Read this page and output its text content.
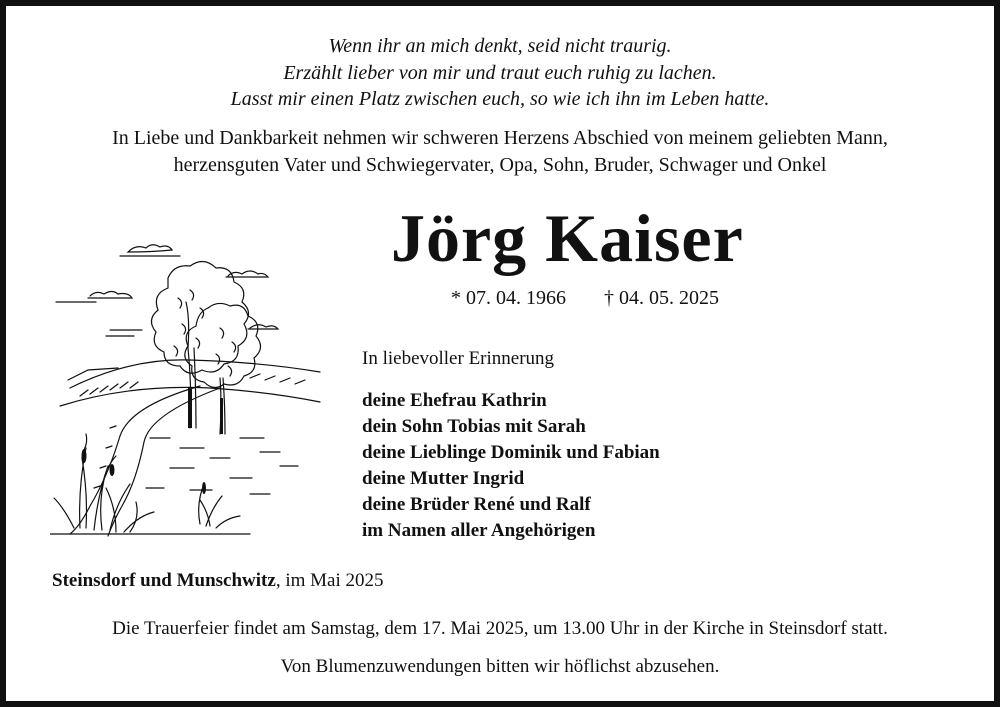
Wenn ihr an mich denkt, seid nicht traurig.
Erzählt lieber von mir und traut euch ruhig zu lachen.
Lasst mir einen Platz zwischen euch, so wie ich ihn im Leben hatte.
In Liebe und Dankbarkeit nehmen wir schweren Herzens Abschied von meinem geliebten Mann,
herzensguten Vater und Schwiegervater, Opa, Sohn, Bruder, Schwager und Onkel
Jörg Kaiser
* 07. 04. 1966 † 04. 05. 2025
In liebevoller Erinnerung
deine Ehefrau Kathrin
dein Sohn Tobias mit Sarah
deine Lieblinge Dominik und Fabian
deine Mutter Ingrid
deine Brüder René und Ralf
im Namen aller Angehörigen
Steinsdorf und Munschwitz, im Mai 2025
Die Trauerfeier findet am Samstag, dem 17. Mai 2025, um 13.00 Uhr in der Kirche in Steinsdorf statt.
Von Blumenzuwendungen bitten wir höflichst abzusehen.
